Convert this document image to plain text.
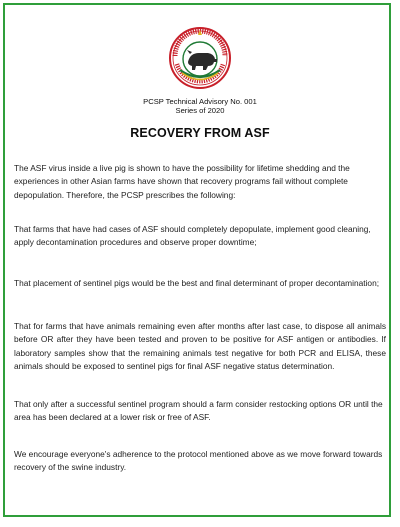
PCSP Technical Advisory No. 001
Series of 2020
RECOVERY FROM ASF

The ASF virus inside a live pig is shown to have the possibility for lifetime shedding and the experiences in other Asian farms have shown that recovery programs fail without complete depopulation. Therefore, the PCSP prescribes the following:

That farms that have had cases of ASF should completely depopulate, implement good cleaning, apply decontamination procedures and observe proper downtime;

That placement of sentinel pigs would be the best and final determinant of proper decontamination;

That for farms that have animals remaining even after months after last case, to dispose all animals before OR after they have been tested and proven to be positive for ASF antigen or antibodies. If laboratory samples show that the remaining animals test negative for both PCR and ELISA, these animals should be exposed to sentinel pigs for final ASF negative status determination.

That only after a successful sentinel program should a farm consider restocking options OR until the area has been declared at a lower risk or free of ASF.

We encourage everyone's adherence to the protocol mentioned above as we move forward towards recovery of the swine industry.
